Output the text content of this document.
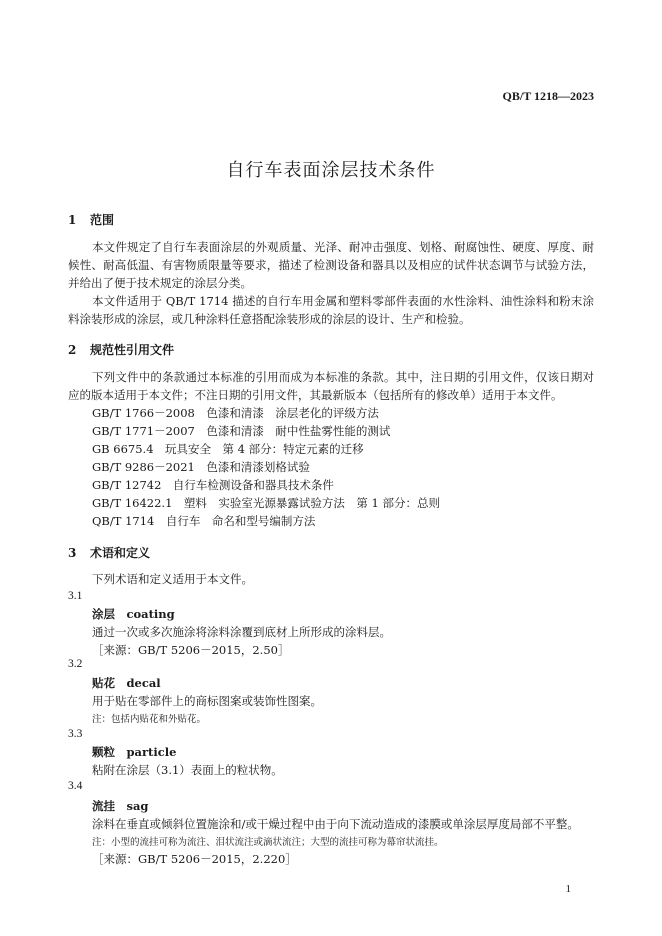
QB/T 1218—2023
自行车表面涂层技术条件
1 范围
本文件规定了自行车表面涂层的外观质量、光泽、耐冲击强度、划格、耐腐蚀性、硬度、厚度、耐候性、耐高低温、有害物质限量等要求，描述了检测设备和器具以及相应的试件状态调节与试验方法，并给出了便于技术规定的涂层分类。
本文件适用于 QB/T 1714 描述的自行车用金属和塑料零部件表面的水性涂料、油性涂料和粉末涂料涂装形成的涂层，或几种涂料任意搭配涂装形成的涂层的设计、生产和检验。
2 规范性引用文件
下列文件中的条款通过本标准的引用而成为本标准的条款。其中，注日期的引用文件，仅该日期对应的版本适用于本文件；不注日期的引用文件，其最新版本（包括所有的修改单）适用于本文件。
GB/T 1766－2008　色漆和清漆　涂层老化的评级方法
GB/T 1771－2007　色漆和清漆　耐中性盐雾性能的测试
GB 6675.4　玩具安全　第 4 部分：特定元素的迁移
GB/T 9286－2021　色漆和清漆划格试验
GB/T 12742　自行车检测设备和器具技术条件
GB/T 16422.1　塑料　实验室光源暴露试验方法　第 1 部分：总则
QB/T 1714　自行车　命名和型号编制方法
3 术语和定义
下列术语和定义适用于本文件。
3.1
涂层　coating
通过一次或多次施涂将涂料涂覆到底材上所形成的涂料层。
［来源：GB/T 5206－2015，2.50］
3.2
贴花　decal
用于贴在零部件上的商标图案或装饰性图案。
注：包括内贴花和外贴花。
3.3
颗粒　particle
粘附在涂层（3.1）表面上的粒状物。
3.4
流挂　sag
涂料在垂直或倾斜位置施涂和/或干燥过程中由于向下流动造成的漆膜或单涂层厚度局部不平整。
注：小型的流挂可称为流注、泪状流注或滴状流注；大型的流挂可称为幕帘状流挂。
［来源：GB/T 5206－2015，2.220］
1
